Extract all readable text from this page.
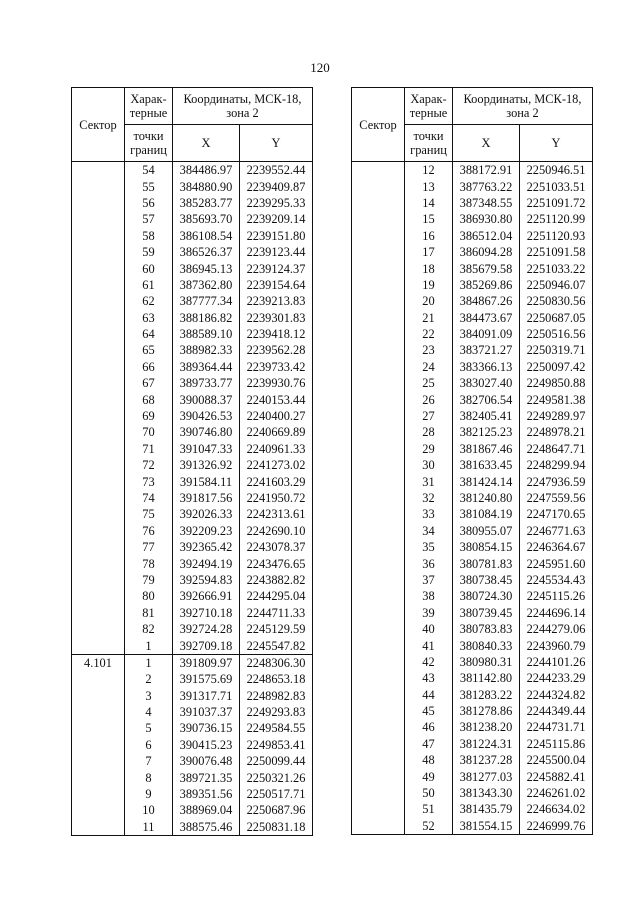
120
Сектор	Харак-терные	Координаты, МСК-18, зона 2	
	точки границ	X	Y
	54	384486.97	2239552.44
	55	384880.90	2239409.87
	56	385283.77	2239295.33
	57	385693.70	2239209.14
	58	386108.54	2239151.80
	59	386526.37	2239123.44
	60	386945.13	2239124.37
	61	387362.80	2239154.64
	62	387777.34	2239213.83
	63	388186.82	2239301.83
	64	388589.10	2239418.12
	65	388982.33	2239562.28
	66	389364.44	2239733.42
	67	389733.77	2239930.76
	68	390088.37	2240153.44
	69	390426.53	2240400.27
	70	390746.80	2240669.89
	71	391047.33	2240961.33
	72	391326.92	2241273.02
	73	391584.11	2241603.29
	74	391817.56	2241950.72
	75	392026.33	2242313.61
	76	392209.23	2242690.10
	77	392365.42	2243078.37
	78	392494.19	2243476.65
	79	392594.83	2243882.82
	80	392666.91	2244295.04
	81	392710.18	2244711.33
	82	392724.28	2245129.59
	1	392709.18	2245547.82
4.101	1	391809.97	2248306.30
	2	391575.69	2248653.18
	3	391317.71	2248982.83
	4	391037.37	2249293.83
	5	390736.15	2249584.55
	6	390415.23	2249853.41
	7	390076.48	2250099.44
	8	389721.35	2250321.26
	9	389351.56	2250517.71
	10	388969.04	2250687.96
	11	388575.46	2250831.18
Сектор	Харак-терные	Координаты, МСК-18, зона 2	
	точки границ	X	Y
	12	388172.91	2250946.51
	13	387763.22	2251033.51
	14	387348.55	2251091.72
	15	386930.80	2251120.99
	16	386512.04	2251120.93
	17	386094.28	2251091.58
	18	385679.58	2251033.22
	19	385269.86	2250946.07
	20	384867.26	2250830.56
	21	384473.67	2250687.05
	22	384091.09	2250516.56
	23	383721.27	2250319.71
	24	383366.13	2250097.42
	25	383027.40	2249850.88
	26	382706.54	2249581.38
	27	382405.41	2249289.97
	28	382125.23	2248978.21
	29	381867.46	2248647.71
	30	381633.45	2248299.94
	31	381424.14	2247936.59
	32	381240.80	2247559.56
	33	381084.19	2247170.65
	34	380955.07	2246771.63
	35	380854.15	2246364.67
	36	380781.83	2245951.60
	37	380738.45	2245534.43
	38	380724.30	2245115.26
	39	380739.45	2244696.14
	40	380783.83	2244279.06
	41	380840.33	2243960.79
	42	380980.31	2244101.26
	43	381142.80	2244233.29
	44	381283.22	2244324.82
	45	381278.86	2244349.44
	46	381238.20	2244731.71
	47	381224.31	2245115.86
	48	381237.28	2245500.04
	49	381277.03	2245882.41
	50	381343.30	2246261.02
	51	381435.79	2246634.02
	52	381554.15	2246999.76
